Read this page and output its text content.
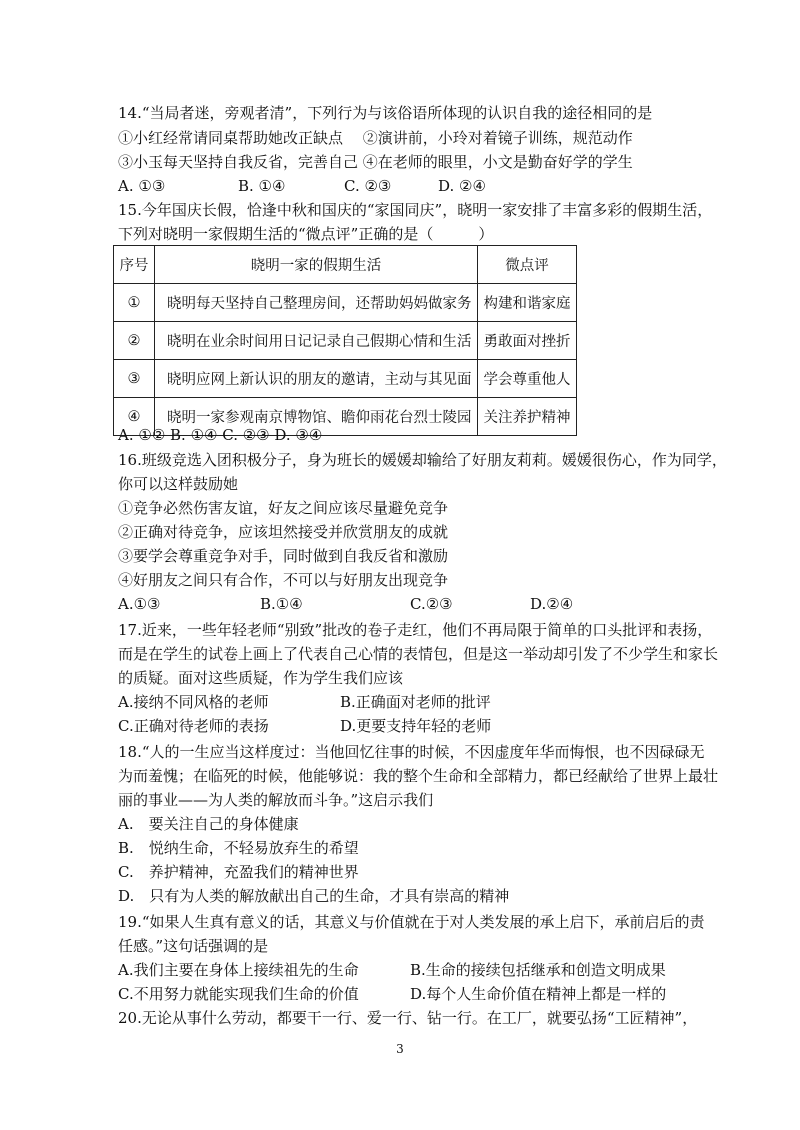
14.“当局者迷，旁观者清”，下列行为与该俗语所体现的认识自我的途径相同的是
①小红经常请同桌帮助她改正缺点　 ②演讲前，小玲对着镜子训练，规范动作
③小玉每天坚持自我反省，完善自己 ④在老师的眼里，小文是勤奋好学的学生
A. ①③	B. ①④	C. ②③	D. ②④
15.今年国庆长假，恰逢中秋和国庆的“家国同庆”，晓明一家安排了丰富多彩的假期生活，
下列对晓明一家假期生活的“微点评”正确的是（　　　）
序号	晓明一家的假期生活	微点评
①	晓明每天坚持自己整理房间，还帮助妈妈做家务	构建和谐家庭
②	晓明在业余时间用日记记录自己假期心情和生活	勇敢面对挫折
③	晓明应网上新认识的朋友的邀请，主动与其见面	学会尊重他人
④	晓明一家参观南京博物馆、瞻仰雨花台烈士陵园	关注养护精神
A. ①② B. ①④ C. ②③ D. ③④
16.班级竞选入团积极分子，身为班长的媛媛却输给了好朋友莉莉。媛媛很伤心，作为同学，
你可以这样鼓励她
①竞争必然伤害友谊，好友之间应该尽量避免竞争
②正确对待竞争，应该坦然接受并欣赏朋友的成就
③要学会尊重竞争对手，同时做到自我反省和激励
④好朋友之间只有合作，不可以与好朋友出现竞争
A.①③	B.①④	C.②③	D.②④
17.近来，一些年轻老师“别致”批改的卷子走红，他们不再局限于简单的口头批评和表扬，
而是在学生的试卷上画上了代表自己心情的表情包，但是这一举动却引发了不少学生和家长
的质疑。面对这些质疑，作为学生我们应该
A.接纳不同风格的老师	B.正确面对老师的批评
C.正确对待老师的表扬	D.更要支持年轻的老师
18.“人的一生应当这样度过：当他回忆往事的时候，不因虚度年华而悔恨，也不因碌碌无
为而羞愧；在临死的时候，他能够说：我的整个生命和全部精力，都已经献给了世界上最壮
丽的事业——为人类的解放而斗争。”这启示我们
A.　要关注自己的身体健康
B.　悦纳生命，不轻易放弃生的希望
C.　养护精神，充盈我们的精神世界
D.　只有为人类的解放献出自己的生命，才具有崇高的精神
19.“如果人生真有意义的话，其意义与价值就在于对人类发展的承上启下，承前启后的责
任感。”这句话强调的是
A.我们主要在身体上接续祖先的生命	B.生命的接续包括继承和创造文明成果
C.不用努力就能实现我们生命的价值	D.每个人生命价值在精神上都是一样的
20.无论从事什么劳动，都要干一行、爱一行、钻一行。在工厂，就要弘扬“工匠精神”，
3
